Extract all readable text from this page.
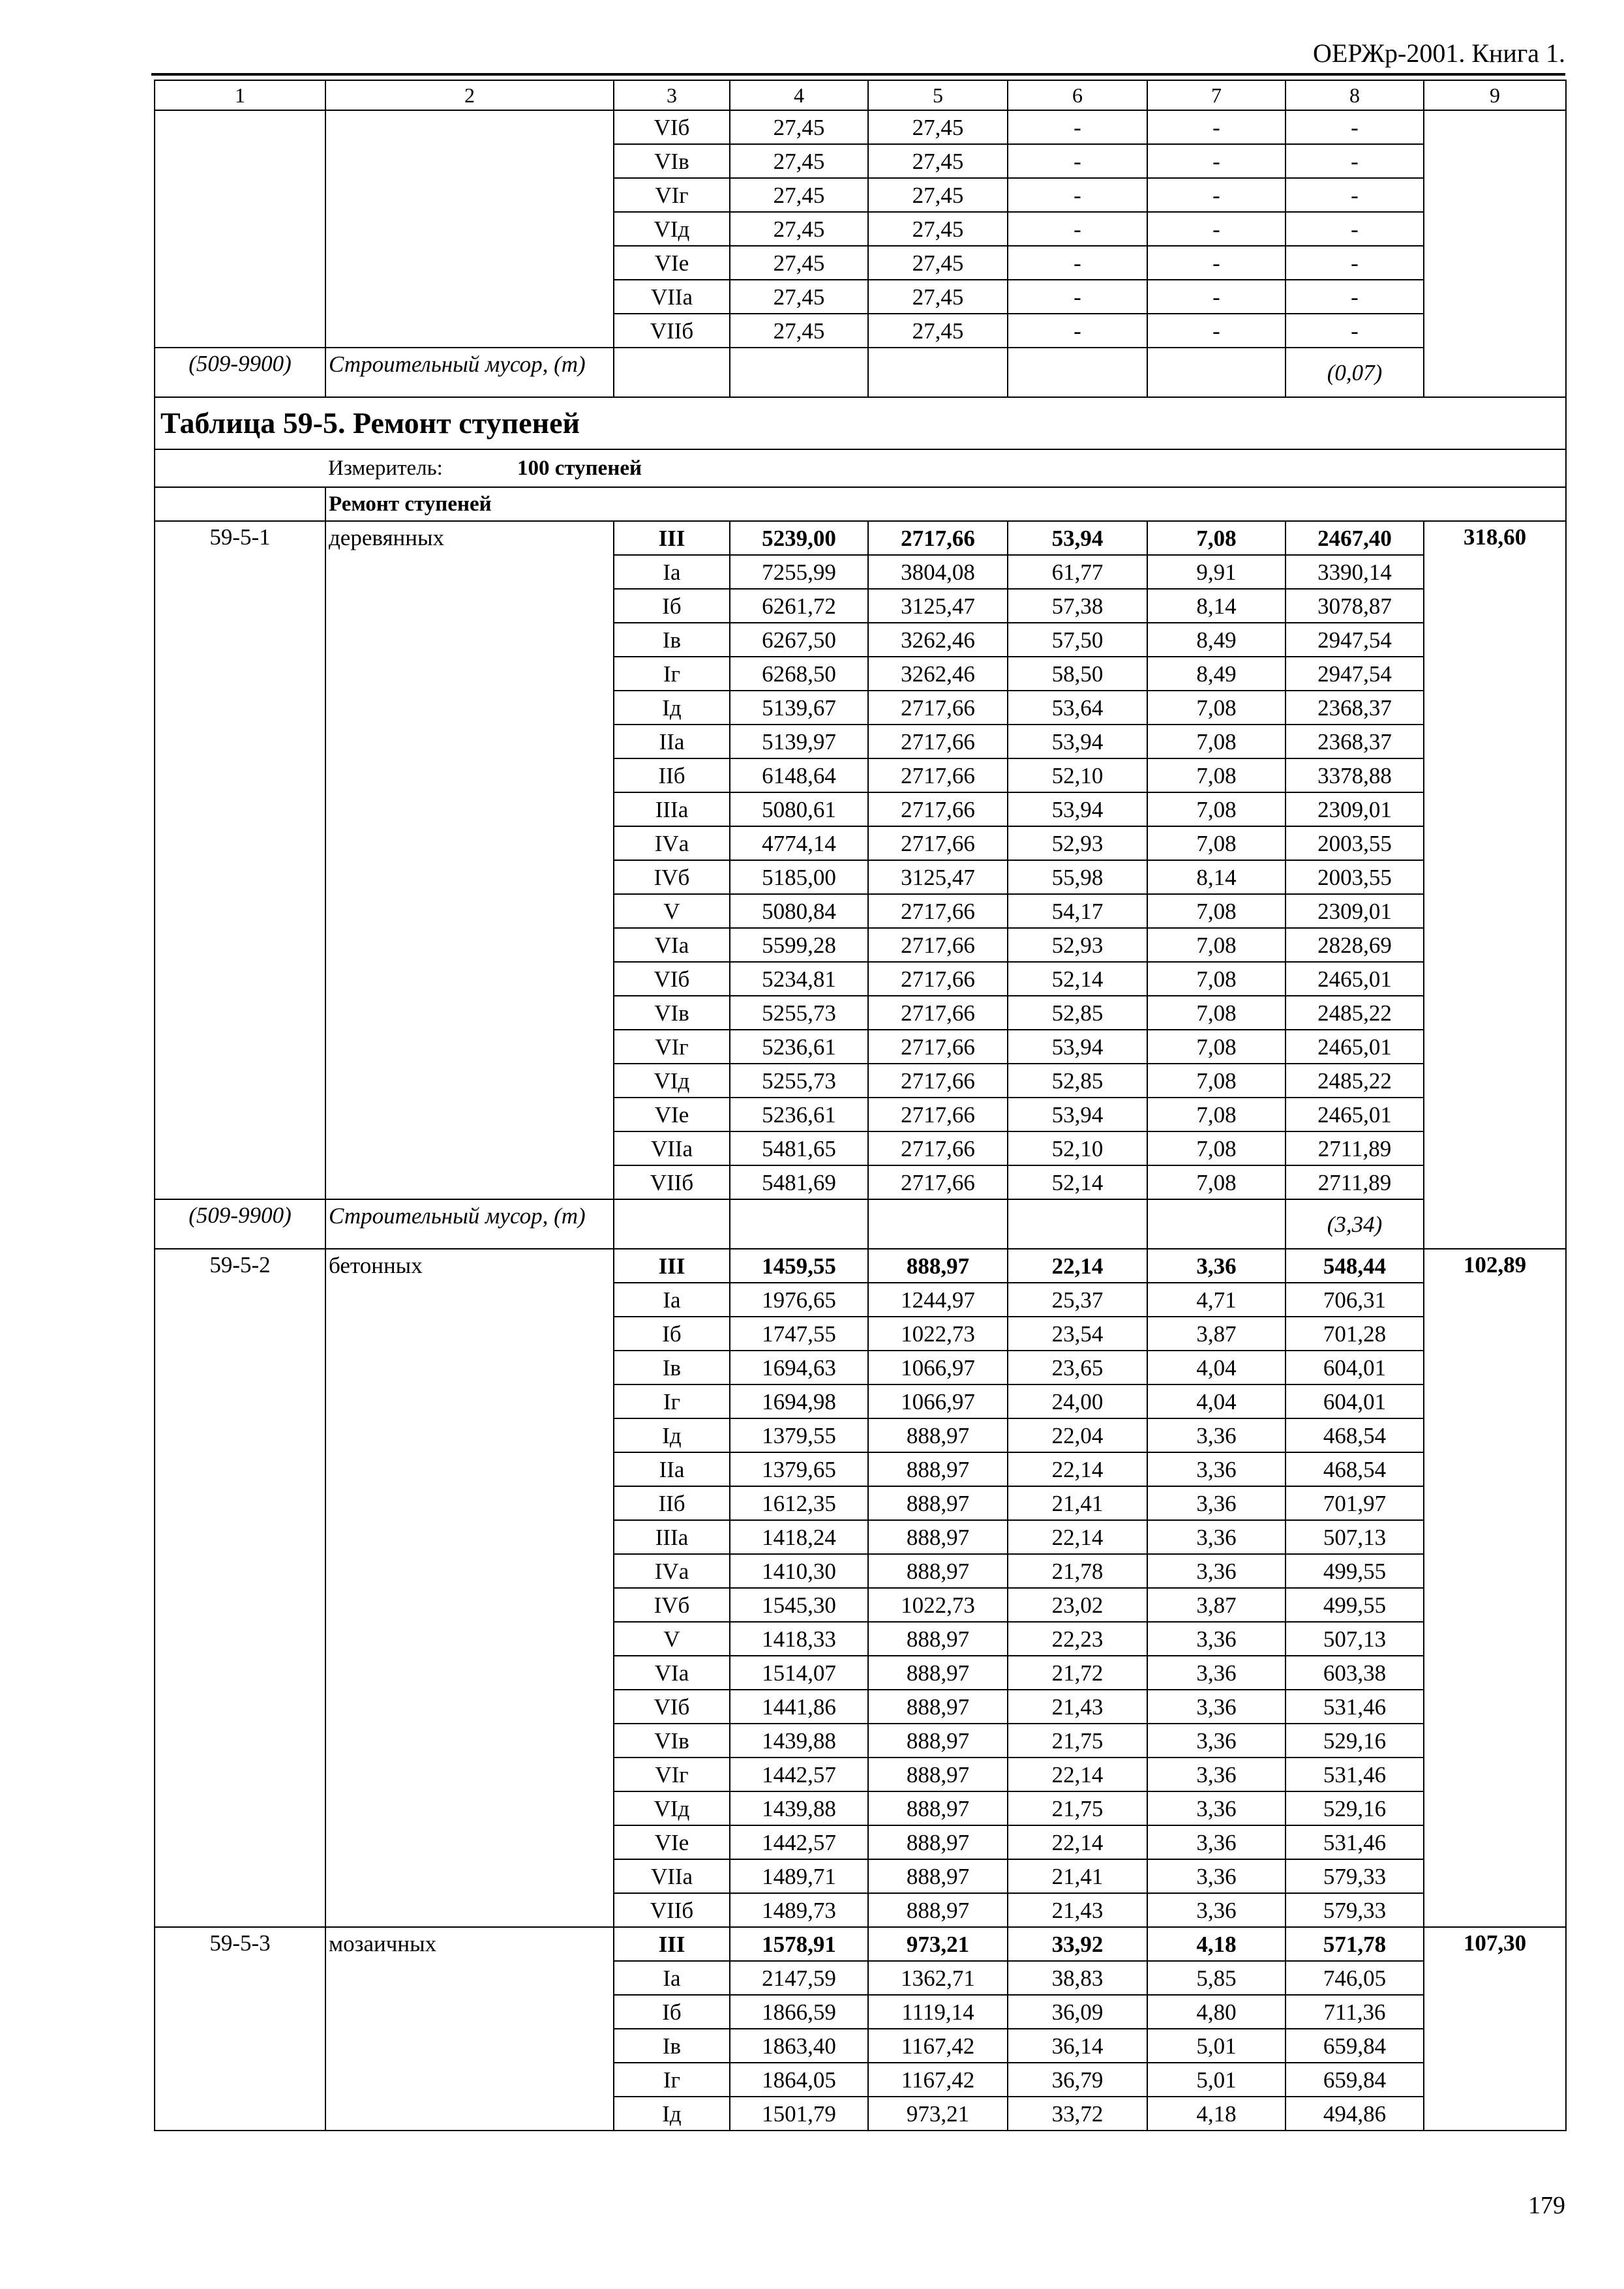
ОЕРЖр-2001. Книга 1.
1	2	3	4	5	6	7	8	9
		VIб	27,45	27,45	-	-	-	
		VIв	27,45	27,45	-	-	-	
		VIг	27,45	27,45	-	-	-	
		VIд	27,45	27,45	-	-	-	
		VIе	27,45	27,45	-	-	-	
		VIIа	27,45	27,45	-	-	-	
		VIIб	27,45	27,45	-	-	-	
(509-9900)	Строительный мусор, (т)						(0,07)	
Таблица 59-5. Ремонт ступеней								
	Измеритель: 100 ступеней							
	Ремонт ступеней							
59-5-1	деревянных	III	5239,00	2717,66	53,94	7,08	2467,40	318,60
		Iа	7255,99	3804,08	61,77	9,91	3390,14	
		Iб	6261,72	3125,47	57,38	8,14	3078,87	
		Iв	6267,50	3262,46	57,50	8,49	2947,54	
		Iг	6268,50	3262,46	58,50	8,49	2947,54	
		Iд	5139,67	2717,66	53,64	7,08	2368,37	
		IIа	5139,97	2717,66	53,94	7,08	2368,37	
		IIб	6148,64	2717,66	52,10	7,08	3378,88	
		IIIа	5080,61	2717,66	53,94	7,08	2309,01	
		IVа	4774,14	2717,66	52,93	7,08	2003,55	
		IVб	5185,00	3125,47	55,98	8,14	2003,55	
		V	5080,84	2717,66	54,17	7,08	2309,01	
		VIа	5599,28	2717,66	52,93	7,08	2828,69	
		VIб	5234,81	2717,66	52,14	7,08	2465,01	
		VIв	5255,73	2717,66	52,85	7,08	2485,22	
		VIг	5236,61	2717,66	53,94	7,08	2465,01	
		VIд	5255,73	2717,66	52,85	7,08	2485,22	
		VIе	5236,61	2717,66	53,94	7,08	2465,01	
		VIIа	5481,65	2717,66	52,10	7,08	2711,89	
		VIIб	5481,69	2717,66	52,14	7,08	2711,89	
(509-9900)	Строительный мусор, (т)						(3,34)	
59-5-2	бетонных	III	1459,55	888,97	22,14	3,36	548,44	102,89
		Iа	1976,65	1244,97	25,37	4,71	706,31	
		Iб	1747,55	1022,73	23,54	3,87	701,28	
		Iв	1694,63	1066,97	23,65	4,04	604,01	
		Iг	1694,98	1066,97	24,00	4,04	604,01	
		Iд	1379,55	888,97	22,04	3,36	468,54	
		IIа	1379,65	888,97	22,14	3,36	468,54	
		IIб	1612,35	888,97	21,41	3,36	701,97	
		IIIа	1418,24	888,97	22,14	3,36	507,13	
		IVа	1410,30	888,97	21,78	3,36	499,55	
		IVб	1545,30	1022,73	23,02	3,87	499,55	
		V	1418,33	888,97	22,23	3,36	507,13	
		VIа	1514,07	888,97	21,72	3,36	603,38	
		VIб	1441,86	888,97	21,43	3,36	531,46	
		VIв	1439,88	888,97	21,75	3,36	529,16	
		VIг	1442,57	888,97	22,14	3,36	531,46	
		VIд	1439,88	888,97	21,75	3,36	529,16	
		VIе	1442,57	888,97	22,14	3,36	531,46	
		VIIа	1489,71	888,97	21,41	3,36	579,33	
		VIIб	1489,73	888,97	21,43	3,36	579,33	
59-5-3	мозаичных	III	1578,91	973,21	33,92	4,18	571,78	107,30
		Iа	2147,59	1362,71	38,83	5,85	746,05	
		Iб	1866,59	1119,14	36,09	4,80	711,36	
		Iв	1863,40	1167,42	36,14	5,01	659,84	
		Iг	1864,05	1167,42	36,79	5,01	659,84	
		Iд	1501,79	973,21	33,72	4,18	494,86	
179
